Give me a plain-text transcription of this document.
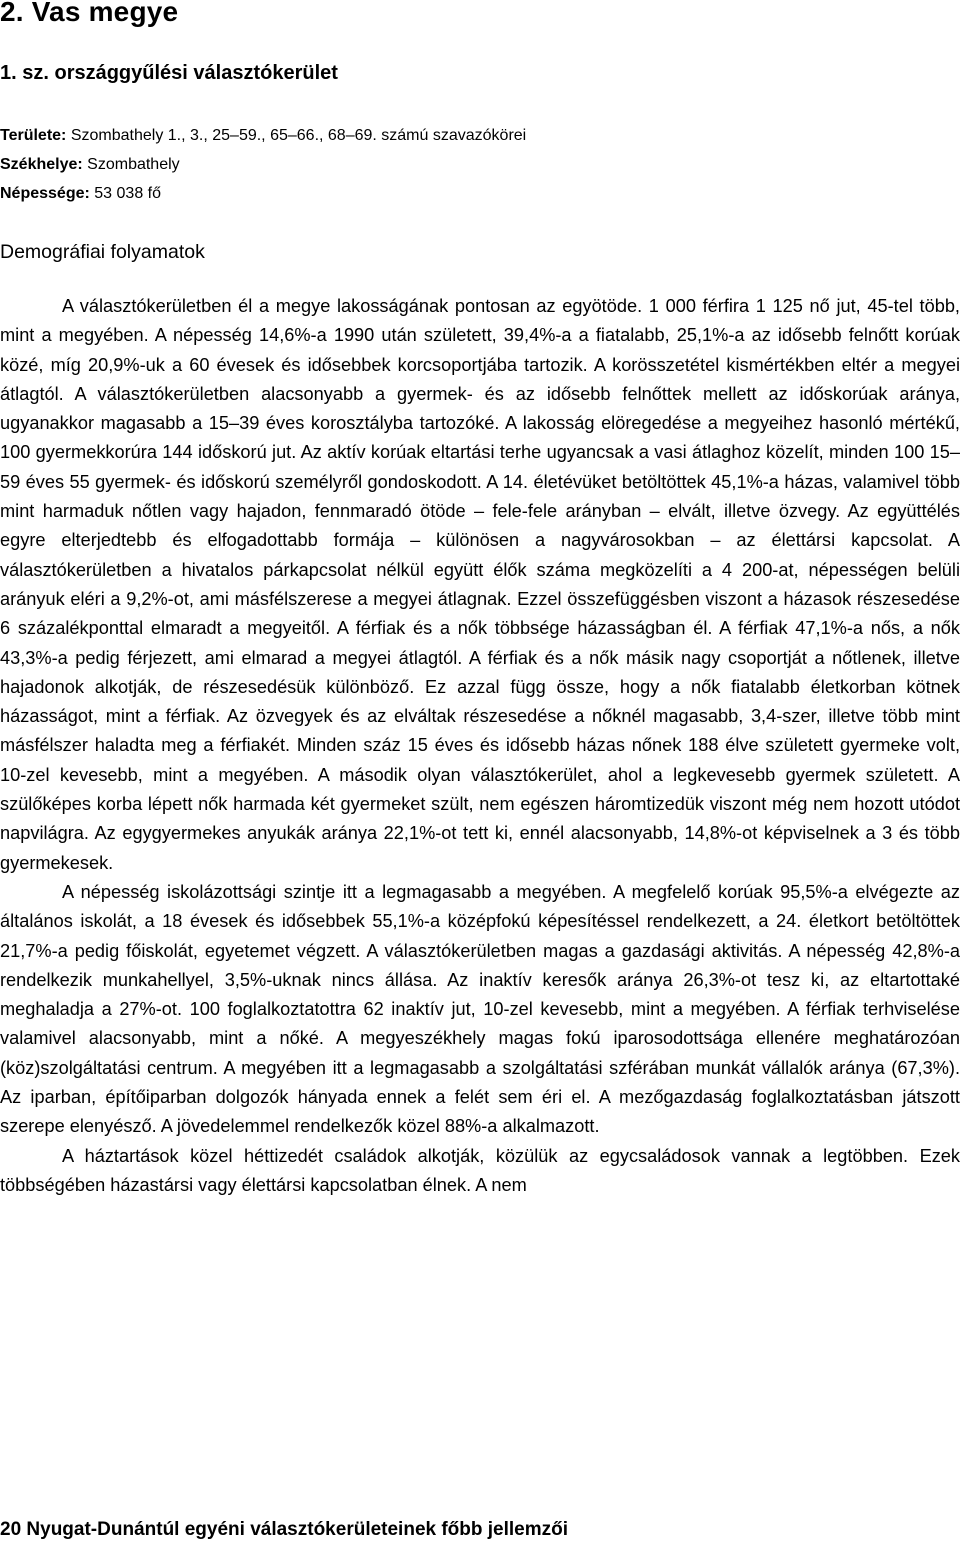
2. Vas megye
1. sz. országgyűlési választókerület
Területe: Szombathely 1., 3., 25–59., 65–66., 68–69. számú szavazókörei
Székhelye: Szombathely
Népessége: 53 038 fő
Demográfiai folyamatok

A választókerületben él a megye lakosságának pontosan az egyötöde. 1 000 férfira 1 125 nő jut, 45-tel több, mint a megyében. A népesség 14,6%-a 1990 után született, 39,4%-a a fiatalabb, 25,1%-a az idősebb felnőtt korúak közé, míg 20,9%-uk a 60 évesek és idősebbek korcsoportjába tartozik. A korösszetétel kismértékben eltér a megyei átlagtól. A választókerületben alacsonyabb a gyermek- és az idősebb felnőttek mellett az időskorúak aránya, ugyanakkor magasabb a 15–39 éves korosztályba tartozóké. A lakosság elöregedése a megyeihez hasonló mértékű, 100 gyermekkorúra 144 időskorú jut. Az aktív korúak eltartási terhe ugyancsak a vasi átlaghoz közelít, minden 100 15–59 éves 55 gyermek- és időskorú személyről gondoskodott. A 14. életévüket betöltöttek 45,1%-a házas, valamivel több mint harmaduk nőtlen vagy hajadon, fennmaradó ötöde – fele-fele arányban – elvált, illetve özvegy. Az együttélés egyre elterjedtebb és elfogadottabb formája – különösen a nagyvárosokban – az élettársi kapcsolat. A választókerületben a hivatalos párkapcsolat nélkül együtt élők száma megközelíti a 4 200-at, népességen belüli arányuk eléri a 9,2%-ot, ami másfélszerese a megyei átlagnak. Ezzel összefüggésben viszont a házasok részesedése 6 százalékponttal elmaradt a megyeitől. A férfiak és a nők többsége házasságban él. A férfiak 47,1%-a nős, a nők 43,3%-a pedig férjezett, ami elmarad a megyei átlagtól. A férfiak és a nők másik nagy csoportját a nőtlenek, illetve hajadonok alkotják, de részesedésük különböző. Ez azzal függ össze, hogy a nők fiatalabb életkorban kötnek házasságot, mint a férfiak. Az özvegyek és az elváltak részesedése a nőknél magasabb, 3,4-szer, illetve több mint másfélszer haladta meg a férfiakét. Minden száz 15 éves és idősebb házas nőnek 188 élve született gyermeke volt, 10-zel kevesebb, mint a megyében. A második olyan választókerület, ahol a legkevesebb gyermek született. A szülőképes korba lépett nők harmada két gyermeket szült, nem egészen háromtizedük viszont még nem hozott utódot napvilágra. Az egygyermekes anyukák aránya 22,1%-ot tett ki, ennél alacsonyabb, 14,8%-ot képviselnek a 3 és több gyermekesek.

A népesség iskolázottsági szintje itt a legmagasabb a megyében. A megfelelő korúak 95,5%-a elvégezte az általános iskolát, a 18 évesek és idősebbek 55,1%-a középfokú képesítéssel rendelkezett, a 24. életkort betöltöttek 21,7%-a pedig főiskolát, egyetemet végzett. A választókerületben magas a gazdasági aktivitás. A népesség 42,8%-a rendelkezik munkahellyel, 3,5%-uknak nincs állása. Az inaktív keresők aránya 26,3%-ot tesz ki, az eltartottaké meghaladja a 27%-ot. 100 foglalkoztatottra 62 inaktív jut, 10-zel kevesebb, mint a megyében. A férfiak terhviselése valamivel alacsonyabb, mint a nőké. A megyeszékhely magas fokú iparosodottsága ellenére meghatározóan (köz)szolgáltatási centrum. A megyében itt a legmagasabb a szolgáltatási szférában munkát vállalók aránya (67,3%). Az iparban, építőiparban dolgozók hányada ennek a felét sem éri el. A mezőgazdaság foglalkoztatásban játszott szerepe elenyésző. A jövedelemmel rendelkezők közel 88%-a alkalmazott.

A háztartások közel héttizedét családok alkotják, közülük az egycsaládosok vannak a legtöbben. Ezek többségében házastársi vagy élettársi kapcsolatban élnek. A nem

20 Nyugat-Dunántúl egyéni választókerületeinek főbb jellemzői
